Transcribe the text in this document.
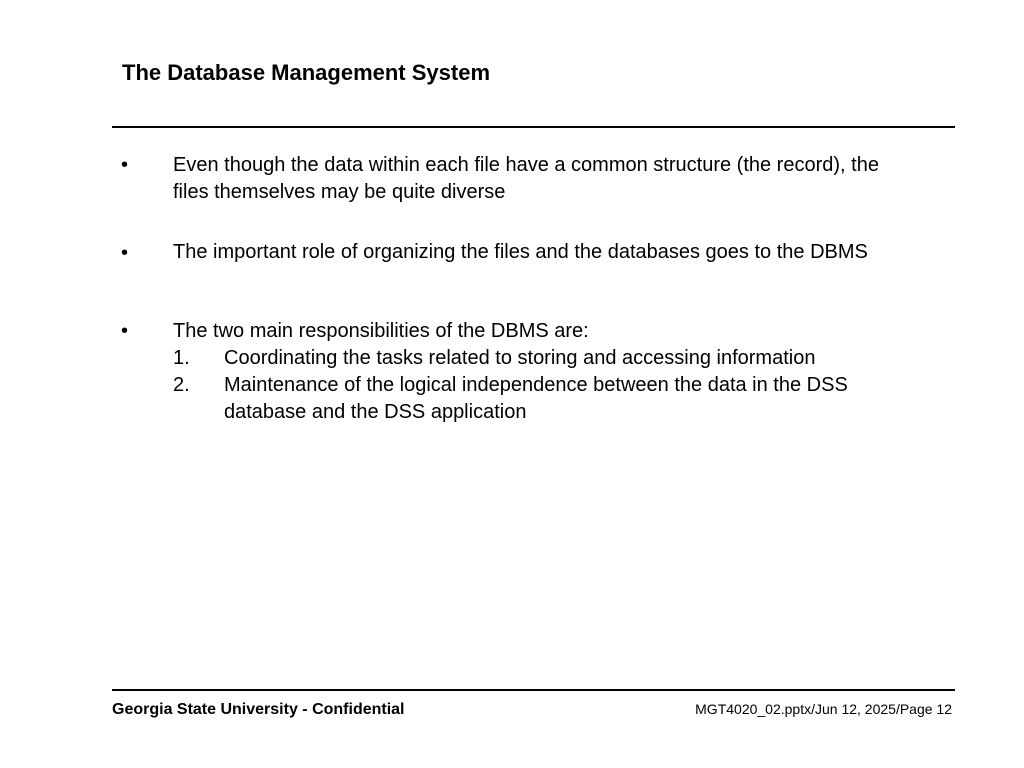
The Database Management System
• Even though the data within each file have a common structure (the record), the files themselves may be quite diverse
• The important role of organizing the files and the databases goes to the DBMS
• The two main responsibilities of the DBMS are:
1. Coordinating the tasks related to storing and accessing information
2. Maintenance of the logical independence between the data in the DSS database and the DSS application
Georgia State University - Confidential	MGT4020_02.pptx/Jun 12, 2025/Page 12
